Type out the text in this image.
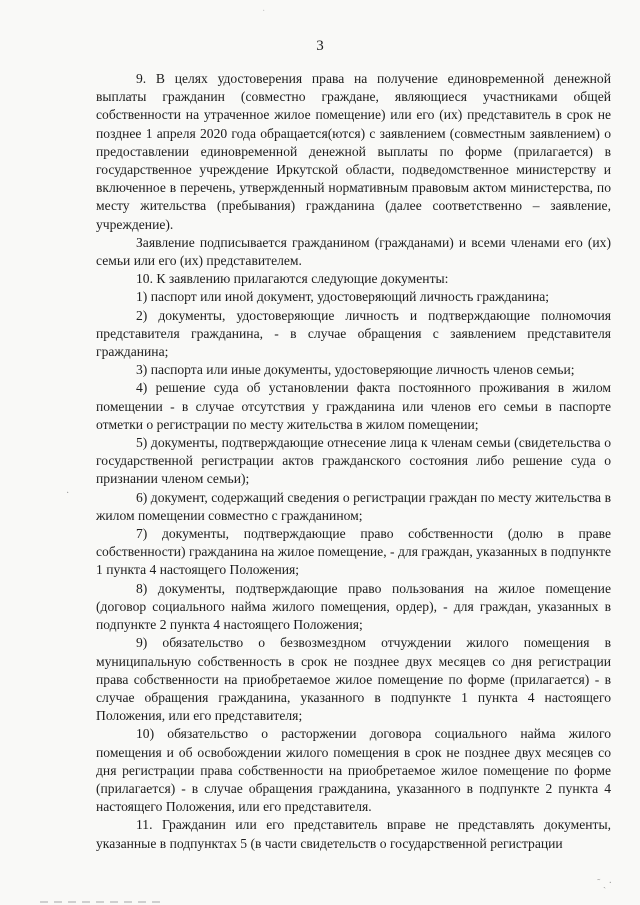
·
3

9. В целях удостоверения права на получение единовременной денежной выплаты гражданин (совместно граждане, являющиеся участниками общей собственности на утраченное жилое помещение) или его (их) представитель в срок не позднее 1 апреля 2020 года обращается(ются) с заявлением (совместным заявлением) о предоставлении единовременной денежной выплаты по форме (прилагается) в государственное учреждение Иркутской области, подведомственное министерству и включенное в перечень, утвержденный нормативным правовым актом министерства, по месту жительства (пребывания) гражданина (далее соответственно – заявление, учреждение).

Заявление подписывается гражданином (гражданами) и всеми членами его (их) семьи или его (их) представителем.

10. К заявлению прилагаются следующие документы:

1) паспорт или иной документ, удостоверяющий личность гражданина;

2) документы, удостоверяющие личность и подтверждающие полномочия представителя гражданина, - в случае обращения с заявлением представителя гражданина;

3) паспорта или иные документы, удостоверяющие личность членов семьи;

4) решение суда об установлении факта постоянного проживания в жилом помещении - в случае отсутствия у гражданина или членов его семьи в паспорте отметки о регистрации по месту жительства в жилом помещении;

5) документы, подтверждающие отнесение лица к членам семьи (свидетельства о государственной регистрации актов гражданского состояния либо решение суда о признании членом семьи);

6) документ, содержащий сведения о регистрации граждан по месту жительства в жилом помещении совместно с гражданином;

7) документы, подтверждающие право собственности (долю в праве собственности) гражданина на жилое помещение, - для граждан, указанных в подпункте 1 пункта 4 настоящего Положения;

8) документы, подтверждающие право пользования на жилое помещение (договор социального найма жилого помещения, ордер), - для граждан, указанных в подпункте 2 пункта 4 настоящего Положения;

9) обязательство о безвозмездном отчуждении жилого помещения в муниципальную собственность в срок не позднее двух месяцев со дня регистрации права собственности на приобретаемое жилое помещение по форме (прилагается) - в случае обращения гражданина, указанного в подпункте 1 пункта 4 настоящего Положения, или его представителя;

10) обязательство о расторжении договора социального найма жилого помещения и об освобождении жилого помещения в срок не позднее двух месяцев со дня регистрации права собственности на приобретаемое жилое помещение по форме (прилагается) - в случае обращения гражданина, указанного в подпункте 2 пункта 4 настоящего Положения, или его представителя.

11. Гражданин или его представитель вправе не представлять документы, указанные в подпунктах 5 (в части свидетельств о государственной регистрации

·
˜ ˎ ·
